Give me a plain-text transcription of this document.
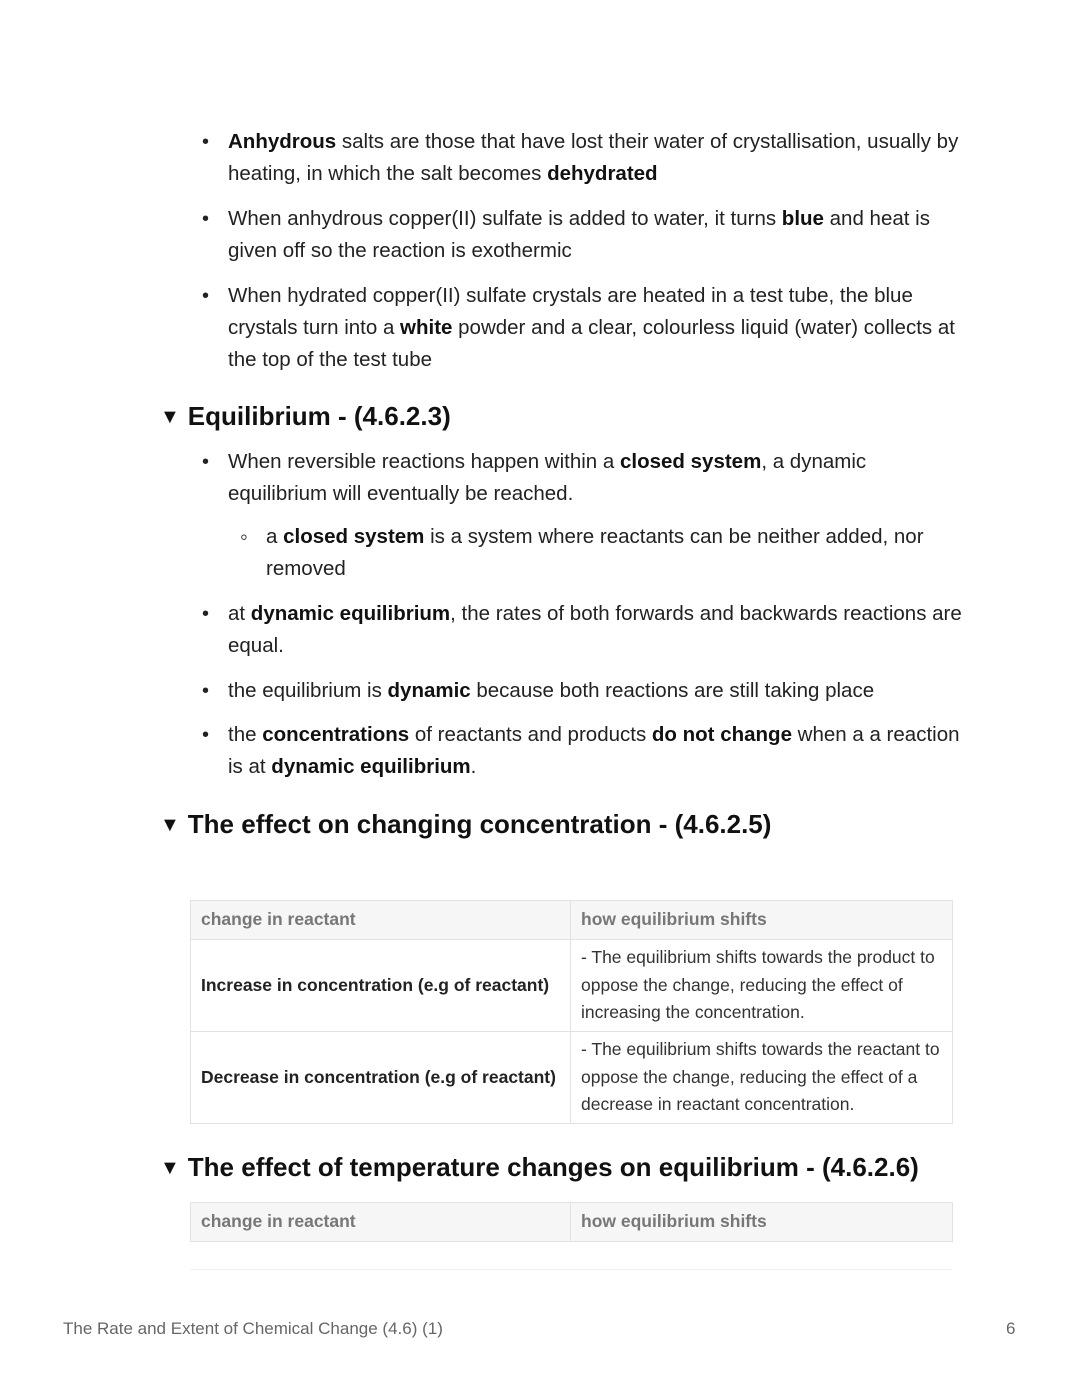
• Anhydrous salts are those that have lost their water of crystallisation, usually by heating, in which the salt becomes dehydrated
• When anhydrous copper(II) sulfate is added to water, it turns blue and heat is given off so the reaction is exothermic
• When hydrated copper(II) sulfate crystals are heated in a test tube, the blue crystals turn into a white powder and a clear, colourless liquid (water) collects at the top of the test tube
▼ Equilibrium - (4.6.2.3)
• When reversible reactions happen within a closed system, a dynamic equilibrium will eventually be reached.
◦ a closed system is a system where reactants can be neither added, nor removed
• at dynamic equilibrium, the rates of both forwards and backwards reactions are equal.
• the equilibrium is dynamic because both reactions are still taking place
• the concentrations of reactants and products do not change when a a reaction is at dynamic equilibrium.
▼ The effect on changing concentration - (4.6.2.5)
change in reactant	how equilibrium shifts
Increase in concentration (e.g of reactant)	- The equilibrium shifts towards the product to oppose the change, reducing the effect of increasing the concentration.
Decrease in concentration (e.g of reactant)	- The equilibrium shifts towards the reactant to oppose the change, reducing the effect of a decrease in reactant concentration.
▼ The effect of temperature changes on equilibrium - (4.6.2.6)
change in reactant	how equilibrium shifts
The Rate and Extent of Chemical Change (4.6) (1)	6
